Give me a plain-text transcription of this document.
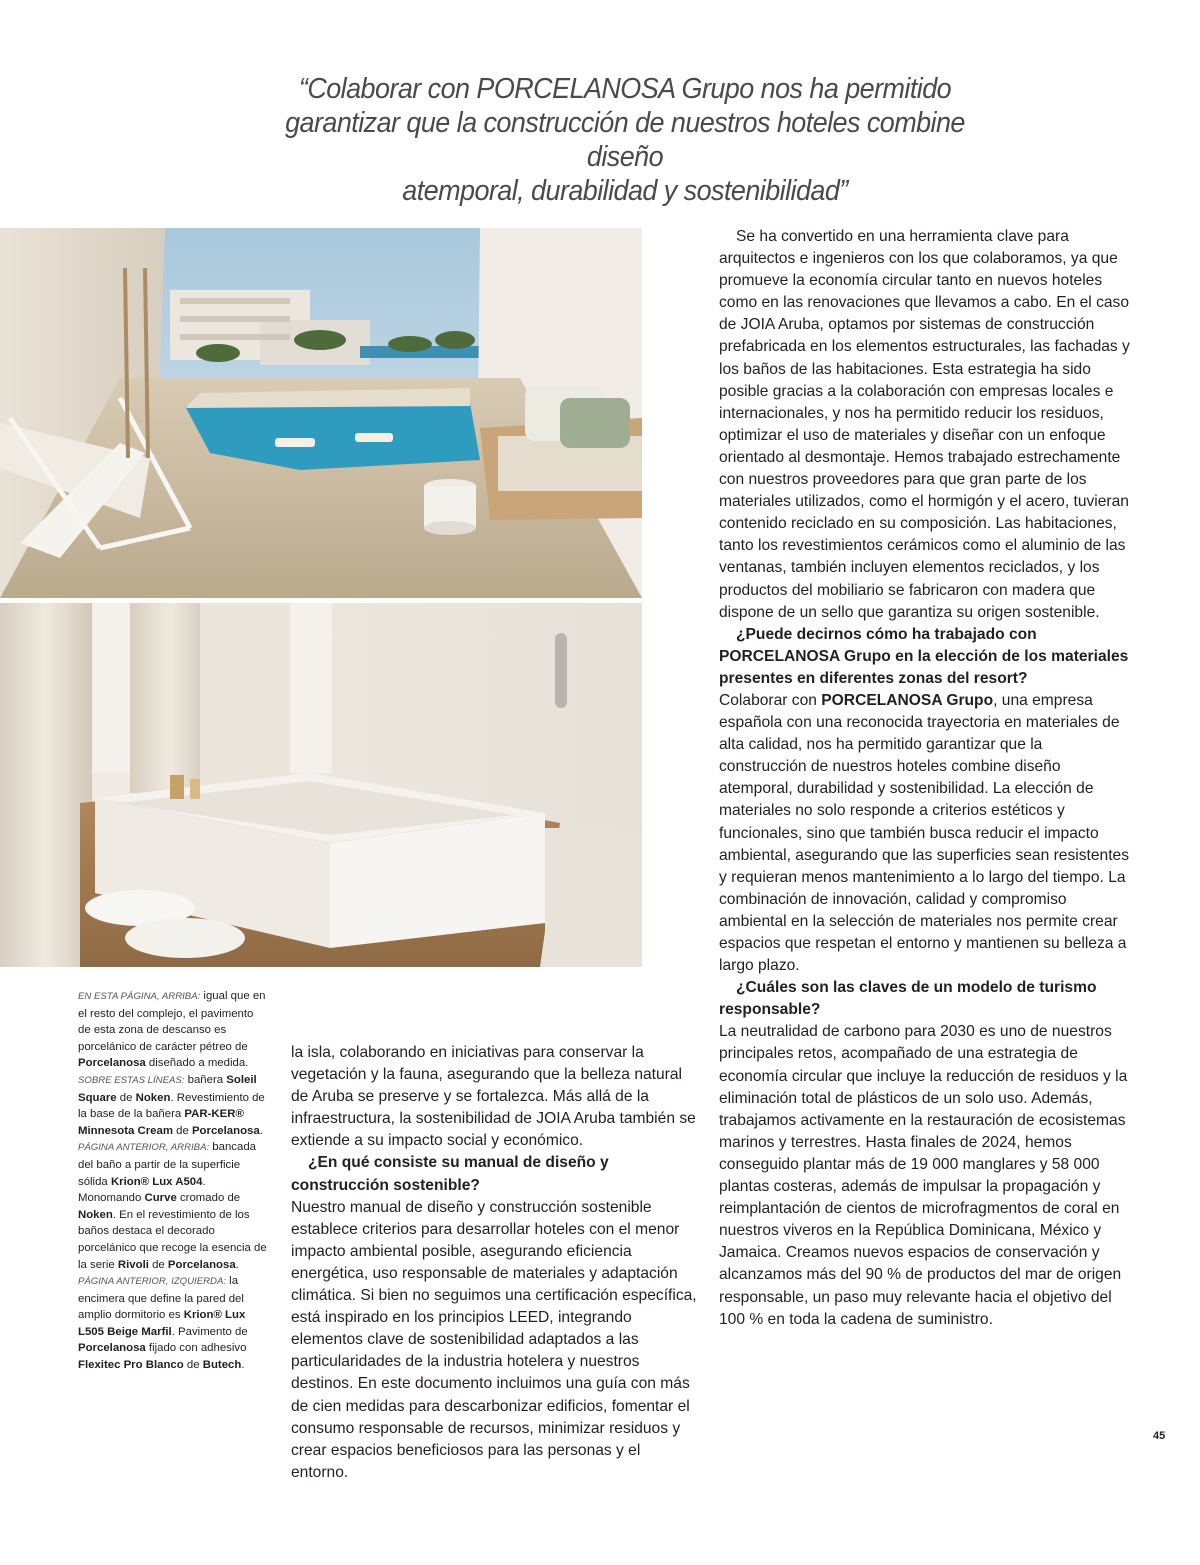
“Colaborar con PORCELANOSA Grupo nos ha permitido
garantizar que la construcción de nuestros hoteles combine diseño
atemporal, durabilidad y sostenibilidad”
EN ESTA PÁGINA, ARRIBA: igual que en el resto del complejo, el pavimento de esta zona de descanso es porcelánico de carácter pétreo de Porcelanosa diseñado a medida.
SOBRE ESTAS LÍNEAS: bañera Soleil Square de Noken. Revestimiento de la base de la bañera PAR-KER® Minnesota Cream de Porcelanosa.
PÁGINA ANTERIOR, ARRIBA: bancada del baño a partir de la superficie sólida Krion® Lux A504. Monomando Curve cromado de Noken. En el revestimiento de los baños destaca el decorado porcelánico que recoge la esencia de la serie Rivoli de Porcelanosa.
PÁGINA ANTERIOR, IZQUIERDA: la encimera que define la pared del amplio dormitorio es Krion® Lux L505 Beige Marfil. Pavimento de Porcelanosa fijado con adhesivo Flexitec Pro Blanco de Butech.

la isla, colaborando en iniciativas para conservar la vegetación y la fauna, asegurando que la belleza natural de Aruba se preserve y se fortalezca. Más allá de la infraestructura, la sostenibilidad de JOIA Aruba también se extiende a su impacto social y económico.

¿En qué consiste su manual de diseño y construcción sostenible?

Nuestro manual de diseño y construcción sostenible establece criterios para desarrollar hoteles con el menor impacto ambiental posible, asegurando eficiencia energética, uso responsable de materiales y adaptación climática. Si bien no seguimos una certificación específica, está inspirado en los principios LEED, integrando elementos clave de sostenibilidad adaptados a las particularidades de la industria hotelera y nuestros destinos. En este documento incluimos una guía con más de cien medidas para descarbonizar edificios, fomentar el consumo responsable de recursos, minimizar residuos y crear espacios beneficiosos para las personas y el entorno.

Se ha convertido en una herramienta clave para arquitectos e ingenieros con los que colaboramos, ya que promueve la economía circular tanto en nuevos hoteles como en las renovaciones que llevamos a cabo. En el caso de JOIA Aruba, optamos por sistemas de construcción prefabricada en los elementos estructurales, las fachadas y los baños de las habitaciones. Esta estrategia ha sido posible gracias a la colaboración con empresas locales e internacionales, y nos ha permitido reducir los residuos, optimizar el uso de materiales y diseñar con un enfoque orientado al desmontaje. Hemos trabajado estrechamente con nuestros proveedores para que gran parte de los materiales utilizados, como el hormigón y el acero, tuvieran contenido reciclado en su composición. Las habitaciones, tanto los revestimientos cerámicos como el aluminio de las ventanas, también incluyen elementos reciclados, y los productos del mobiliario se fabricaron con madera que dispone de un sello que garantiza su origen sostenible.

¿Puede decirnos cómo ha trabajado con PORCELANOSA Grupo en la elección de los materiales presentes en diferentes zonas del resort?

Colaborar con PORCELANOSA Grupo, una empresa española con una reconocida trayectoria en materiales de alta calidad, nos ha permitido garantizar que la construcción de nuestros hoteles combine diseño atemporal, durabilidad y sostenibilidad. La elección de materiales no solo responde a criterios estéticos y funcionales, sino que también busca reducir el impacto ambiental, asegurando que las superficies sean resistentes y requieran menos mantenimiento a lo largo del tiempo. La combinación de innovación, calidad y compromiso ambiental en la selección de materiales nos permite crear espacios que respetan el entorno y mantienen su belleza a largo plazo.

¿Cuáles son las claves de un modelo de turismo responsable?

La neutralidad de carbono para 2030 es uno de nuestros principales retos, acompañado de una estrategia de economía circular que incluye la reducción de residuos y la eliminación total de plásticos de un solo uso. Además, trabajamos activamente en la restauración de ecosistemas marinos y terrestres. Hasta finales de 2024, hemos conseguido plantar más de 19 000 manglares y 58 000 plantas costeras, además de impulsar la propagación y reimplantación de cientos de microfragmentos de coral en nuestros viveros en la República Dominicana, México y Jamaica. Creamos nuevos espacios de conservación y alcanzamos más del 90 % de productos del mar de origen responsable, un paso muy relevante hacia el objetivo del 100 % en toda la cadena de suministro.

45
